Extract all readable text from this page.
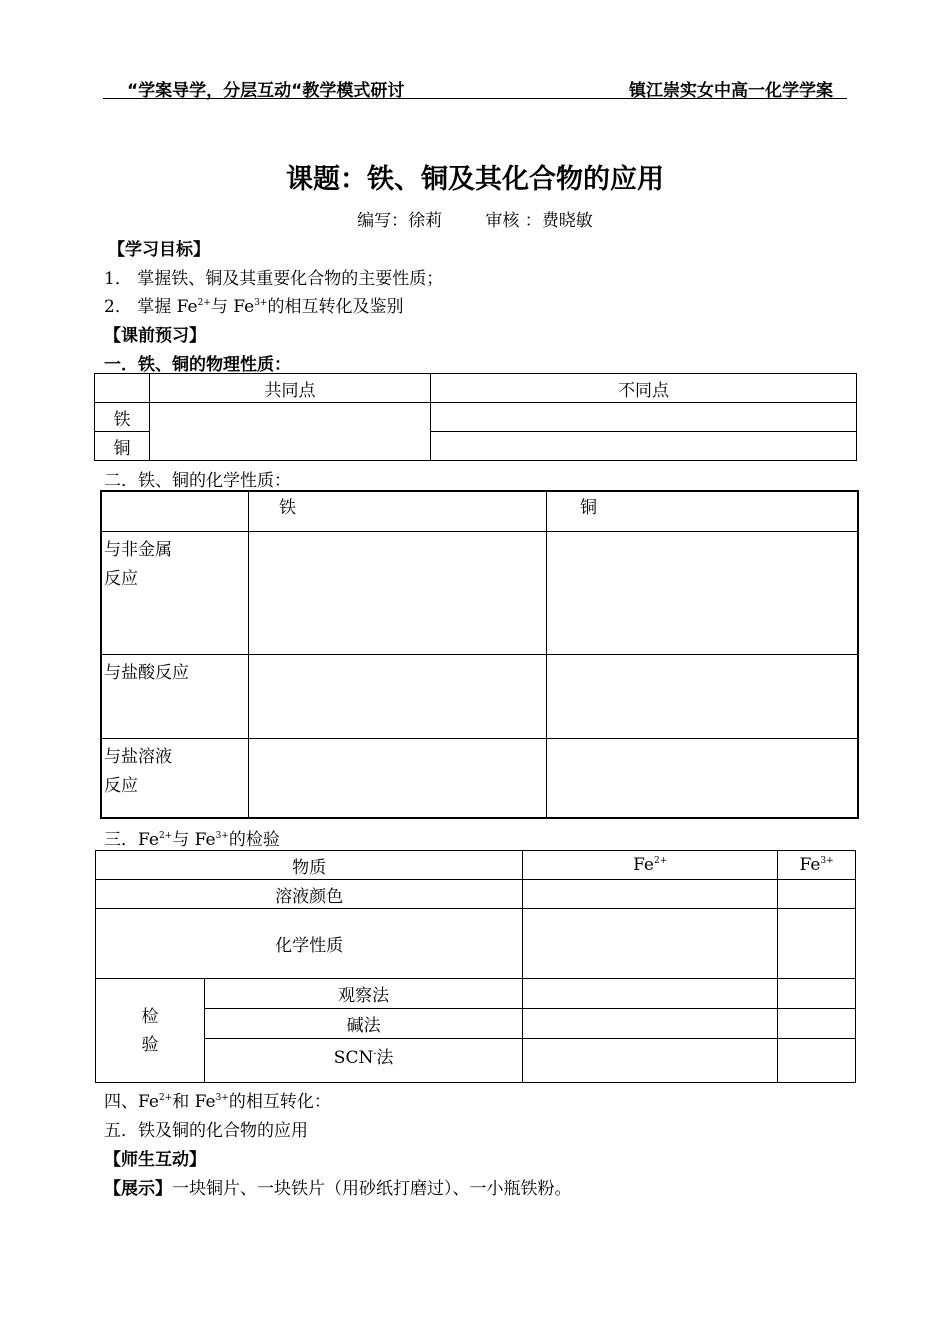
“学案导学，分层互动“教学模式研讨	镇江崇实女中高一化学学案
课题：铁、铜及其化合物的应用
编写：徐莉	审核 ：费晓敏
【学习目标】
1． 掌握铁、铜及其重要化合物的主要性质；
2． 掌握 $Fe^{2+}$与 $Fe^{3+}$的相互转化及鉴别
【课前预习】
一．铁、铜的物理性质：
	共同点	不同点
铁		
铜		
二．铁、铜的化学性质：

	铁	铜

与非金属
反应		

与盐酸反应		

与盐溶液
反应		

三．$Fe^{2+}$与 $Fe^{3+}$的检验
物质		$Fe^{2+}$	$Fe^{3+}$
溶液颜色			
化学性质			

检
验	观察法		
	碱法		
	SCN-法		
四、$Fe^{2+}$和 $Fe^{3+}$的相互转化：
五．铁及铜的化合物的应用
【师生互动】
【展示】一块铜片、一块铁片（用砂纸打磨过）、一小瓶铁粉。
